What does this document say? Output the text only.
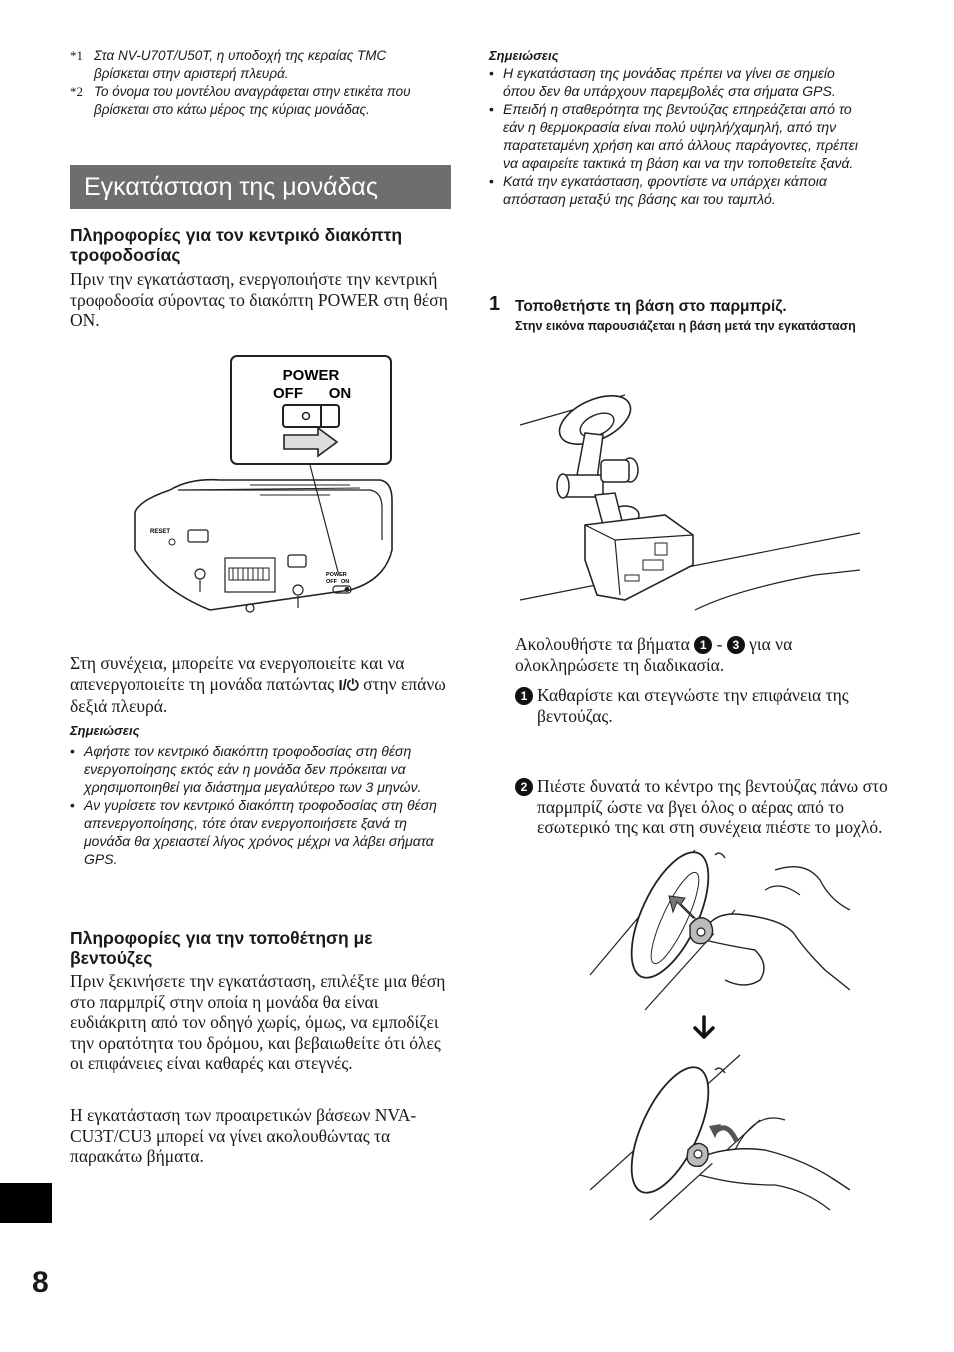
*1 Στα NV-U70T/U50T, η υποδοχή της κεραίας TMC βρίσκεται στην αριστερή πλευρά.
*2 Το όνομα του μοντέλου αναγράφεται στην ετικέτα που βρίσκεται στο κάτω μέρος της κύριας μονάδας.
Εγκατάσταση της μονάδας
Πληροφορίες για τον κεντρικό διακόπτη τροφοδοσίας
Πριν την εγκατάσταση, ενεργοποιήστε την κεντρική τροφοδοσία σύροντας το διακόπτη POWER στη θέση ON.
RESET
POWER
OFF ON
POWER
OFF ON
Στη συνέχεια, μπορείτε να ενεργοποιείτε και να απενεργοποιείτε τη μονάδα πατώντας I/⏻ στην επάνω δεξιά πλευρά.
Σημειώσεις
• Αφήστε τον κεντρικό διακόπτη τροφοδοσίας στη θέση ενεργοποίησης εκτός εάν η μονάδα δεν πρόκειται να χρησιμοποιηθεί για διάστημα μεγαλύτερο των 3 μηνών.
• Αν γυρίσετε τον κεντρικό διακόπτη τροφοδοσίας στη θέση απενεργοποίησης, τότε όταν ενεργοποιήσετε ξανά τη μονάδα θα χρειαστεί λίγος χρόνος μέχρι να λάβει σήματα GPS.
Πληροφορίες για την τοποθέτηση με βεντούζες
Πριν ξεκινήσετε την εγκατάσταση, επιλέξτε μια θέση στο παρμπρίζ στην οποία η μονάδα θα είναι ευδιάκριτη από τον οδηγό χωρίς, όμως, να εμποδίζει την ορατότητα του δρόμου, και βεβαιωθείτε ότι όλες οι επιφάνειες είναι καθαρές και στεγνές.
Η εγκατάσταση των προαιρετικών βάσεων NVA-CU3T/CU3 μπορεί να γίνει ακολουθώντας τα παρακάτω βήματα.
8
Σημειώσεις
• Η εγκατάσταση της μονάδας πρέπει να γίνει σε σημείο όπου δεν θα υπάρχουν παρεμβολές στα σήματα GPS.
• Επειδή η σταθερότητα της βεντούζας επηρεάζεται από το εάν η θερμοκρασία είναι πολύ υψηλή/χαμηλή, από την παρατεταμένη χρήση και από άλλους παράγοντες, πρέπει να αφαιρείτε τακτικά τη βάση και να την τοποθετείτε ξανά.
• Κατά την εγκατάσταση, φροντίστε να υπάρχει κάποια απόσταση μεταξύ της βάσης και του ταμπλό.
1 Τοποθετήστε τη βάση στο παρμπρίζ.
Στην εικόνα παρουσιάζεται η βάση μετά την εγκατάσταση
Ακολουθήστε τα βήματα 1 - 3 για να ολοκληρώσετε τη διαδικασία.
1 Καθαρίστε και στεγνώστε την επιφάνεια της βεντούζας.
2 Πιέστε δυνατά το κέντρο της βεντούζας πάνω στο παρμπρίζ ώστε να βγει όλος ο αέρας από το εσωτερικό της και στη συνέχεια πιέστε το μοχλό.
